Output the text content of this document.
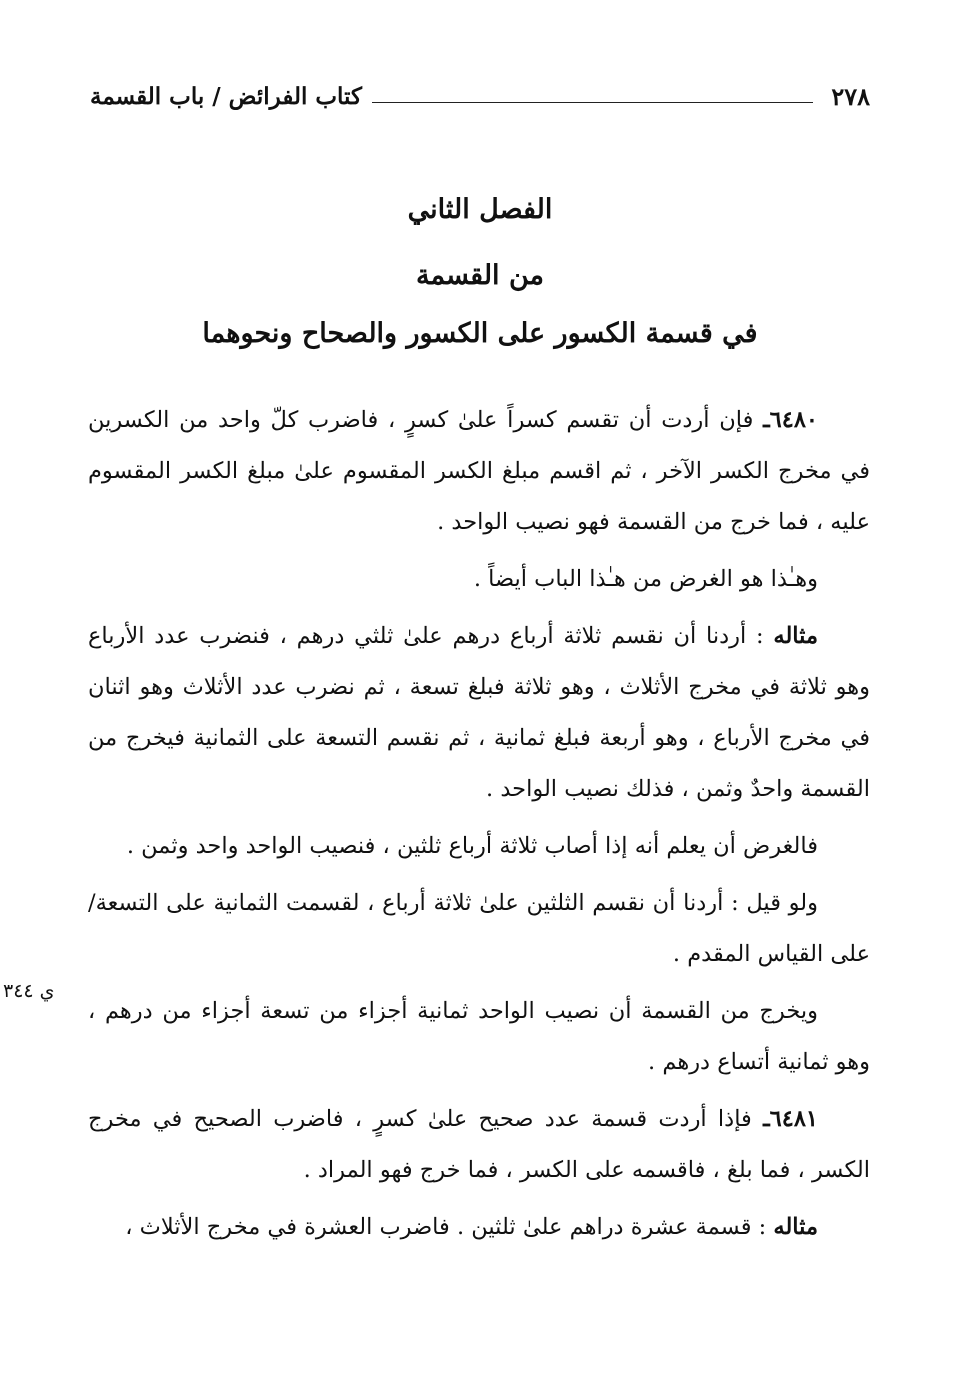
٢٧٨
كتاب الفرائض / باب القسمة
الفصل الثاني
من القسمة
في قسمة الكسور على الكسور والصحاح ونحوهما

٦٤٨٠ـ فإن أردت أن تقسم كسراً علىٰ كسرٍ ، فاضرب كلّ واحد من الكسرين في مخرج الكسر الآخر ، ثم اقسم مبلغ الكسر المقسوم علىٰ مبلغ الكسر المقسوم عليه ، فما خرج من القسمة فهو نصيب الواحد .

وهـٰذا هو الغرض من هـٰذا الباب أيضاً .

مثاله : أردنا أن نقسم ثلاثة أرباع درهم علىٰ ثلثي درهم ، فنضرب عدد الأرباع وهو ثلاثة في مخرج الأثلاث ، وهو ثلاثة فبلغ تسعة ، ثم نضرب عدد الأثلاث وهو اثنان في مخرج الأرباع ، وهو أربعة فبلغ ثمانية ، ثم نقسم التسعة على الثمانية فيخرج من القسمة واحدٌ وثمن ، فذلك نصيب الواحد .

فالغرض أن يعلم أنه إذا أصاب ثلاثة أرباع ثلثين ، فنصيب الواحد واحد وثمن .

ولو قيل : أردنا أن نقسم الثلثين علىٰ ثلاثة أرباع ، لقسمت الثمانية على التسعة/ على القياس المقدم .

ويخرج من القسمة أن نصيب الواحد ثمانية أجزاء من تسعة أجزاء من درهم ، وهو ثمانية أتساع درهم .

٦٤٨١ـ فإذا أردت قسمة عدد صحيح علىٰ كسرٍ ، فاضرب الصحيح في مخرج الكسر ، فما بلغ ، فاقسمه على الكسر ، فما خرج فهو المراد .

مثاله : قسمة عشرة دراهم علىٰ ثلثين . فاضرب العشرة في مخرج الأثلاث ،

ي ٣٤٤
